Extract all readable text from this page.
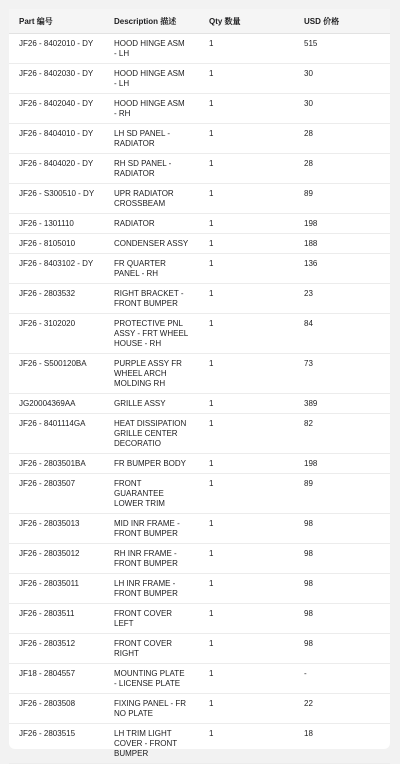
Part 编号	Description 描述	Qty 数量	USD 价格
JF26 - 8402010 - DY	HOOD HINGE ASM - LH	1	515
JF26 - 8402030 - DY	HOOD HINGE ASM - LH	1	30
JF26 - 8402040 - DY	HOOD HINGE ASM - RH	1	30
JF26 - 8404010 - DY	LH SD PANEL - RADIATOR	1	28
JF26 - 8404020 - DY	RH SD PANEL - RADIATOR	1	28
JF26 - S300510 - DY	UPR RADIATOR CROSSBEAM	1	89
JF26 - 1301110	RADIATOR	1	198
JF26 - 8105010	CONDENSER ASSY	1	188
JF26 - 8403102 - DY	FR QUARTER PANEL - RH	1	136
JF26 - 2803532	RIGHT BRACKET - FRONT BUMPER	1	23
JF26 - 3102020	PROTECTIVE PNL ASSY - FRT WHEEL HOUSE - RH	1	84
JF26 - S500120BA	PURPLE ASSY FR WHEEL ARCH MOLDING RH	1	73
JG20004369AA	GRILLE ASSY	1	389
JF26 - 8401114GA	HEAT DISSIPATION GRILLE CENTER DECORATIO	1	82
JF26 - 2803501BA	FR BUMPER BODY	1	198
JF26 - 2803507	FRONT GUARANTEE LOWER TRIM	1	89
JF26 - 28035013	MID INR FRAME - FRONT BUMPER	1	98
JF26 - 28035012	RH INR FRAME - FRONT BUMPER	1	98
JF26 - 28035011	LH INR FRAME - FRONT BUMPER	1	98
JF26 - 2803511	FRONT COVER LEFT	1	98
JF26 - 2803512	FRONT COVER RIGHT	1	98
JF18 - 2804557	MOUNTING PLATE - LICENSE PLATE	1	-
JF26 - 2803508	FIXING PANEL - FR NO PLATE	1	22
JF26 - 2803515	LH TRIM LIGHT COVER - FRONT BUMPER	1	18
